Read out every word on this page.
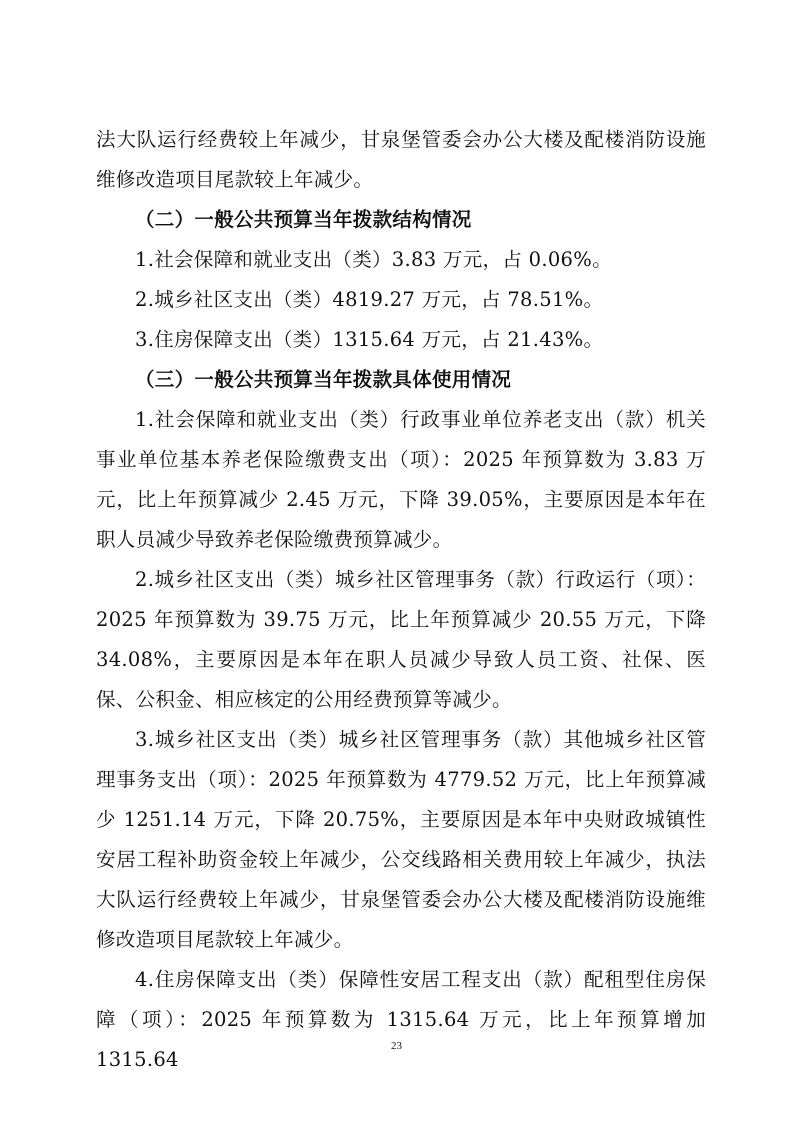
法大队运行经费较上年减少，甘泉堡管委会办公大楼及配楼消防设施维修改造项目尾款较上年减少。

（二）一般公共预算当年拨款结构情况

1.社会保障和就业支出（类）3.83 万元，占 0.06%。

2.城乡社区支出（类）4819.27 万元，占 78.51%。

3.住房保障支出（类）1315.64 万元，占 21.43%。

（三）一般公共预算当年拨款具体使用情况

1.社会保障和就业支出（类）行政事业单位养老支出（款）机关事业单位基本养老保险缴费支出（项）：2025 年预算数为 3.83 万元，比上年预算减少 2.45 万元，下降 39.05%，主要原因是本年在职人员减少导致养老保险缴费预算减少。

2.城乡社区支出（类）城乡社区管理事务（款）行政运行（项）：2025 年预算数为 39.75 万元，比上年预算减少 20.55 万元，下降 34.08%，主要原因是本年在职人员减少导致人员工资、社保、医保、公积金、相应核定的公用经费预算等减少。

3.城乡社区支出（类）城乡社区管理事务（款）其他城乡社区管理事务支出（项）：2025 年预算数为 4779.52 万元，比上年预算减少 1251.14 万元，下降 20.75%，主要原因是本年中央财政城镇性安居工程补助资金较上年减少，公交线路相关费用较上年减少，执法大队运行经费较上年减少，甘泉堡管委会办公大楼及配楼消防设施维修改造项目尾款较上年减少。

4.住房保障支出（类）保障性安居工程支出（款）配租型住房保障（项）：2025 年预算数为 1315.64 万元，比上年预算增加 1315.64

23
